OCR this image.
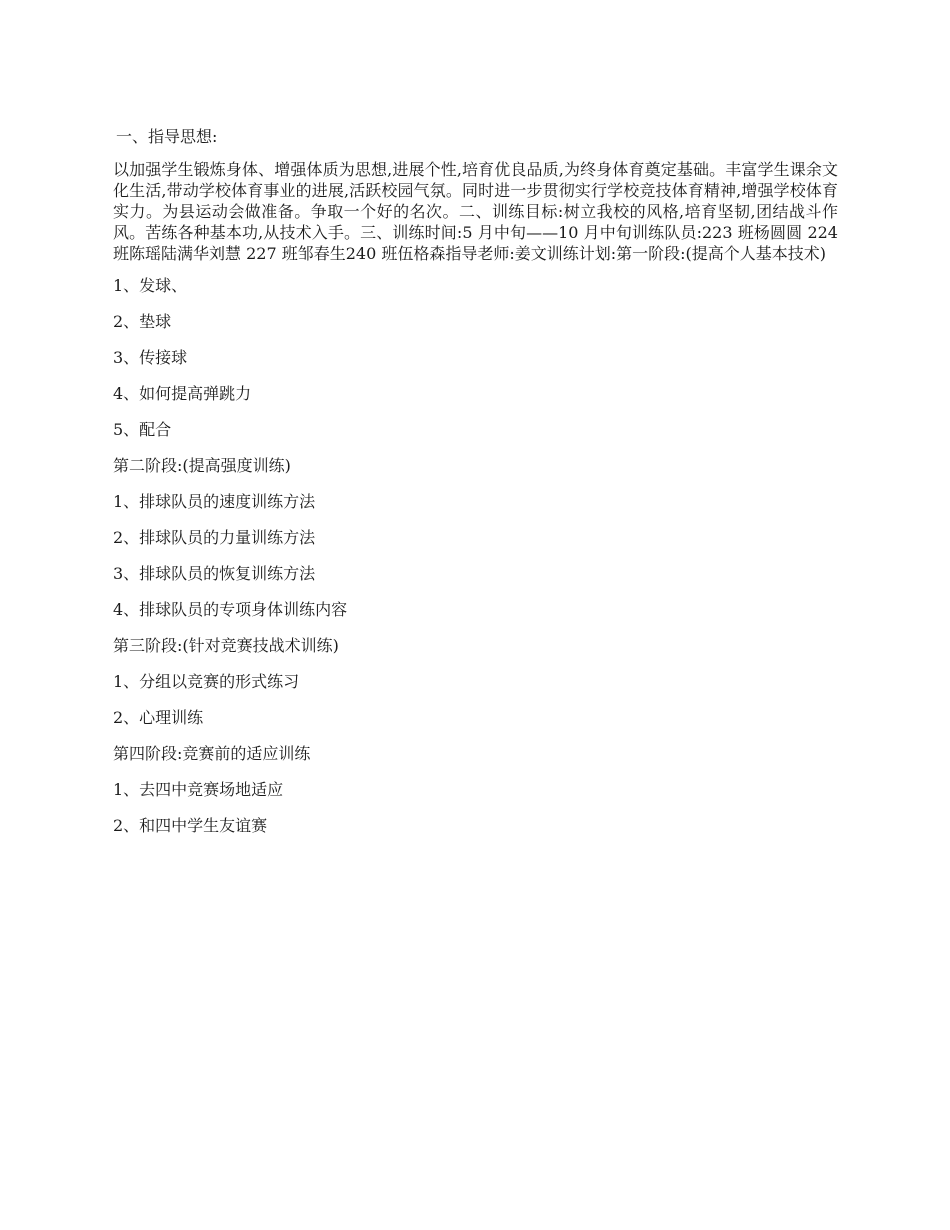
一、指导思想:

以加强学生锻炼身体、增强体质为思想,进展个性,培育优良品质,为终身体育奠定基础。丰富学生课余文化生活,带动学校体育事业的进展,活跃校园气氛。同时进一步贯彻实行学校竞技体育精神,增强学校体育实力。为县运动会做准备。争取一个好的名次。二、训练目标:树立我校的风格,培育坚韧,团结战斗作风。苦练各种基本功,从技术入手。三、训练时间:5 月中旬——10 月中旬训练队员:223 班杨圆圆 224 班陈瑶陆满华刘慧 227 班邹春生240 班伍格森指导老师:姜文训练计划:第一阶段:(提高个人基本技术)

1、发球、

2、垫球

3、传接球

4、如何提高弹跳力

5、配合

第二阶段:(提高强度训练)

1、排球队员的速度训练方法

2、排球队员的力量训练方法

3、排球队员的恢复训练方法

4、排球队员的专项身体训练内容

第三阶段:(针对竞赛技战术训练)

1、分组以竞赛的形式练习

2、心理训练

第四阶段:竞赛前的适应训练

1、去四中竞赛场地适应

2、和四中学生友谊赛
